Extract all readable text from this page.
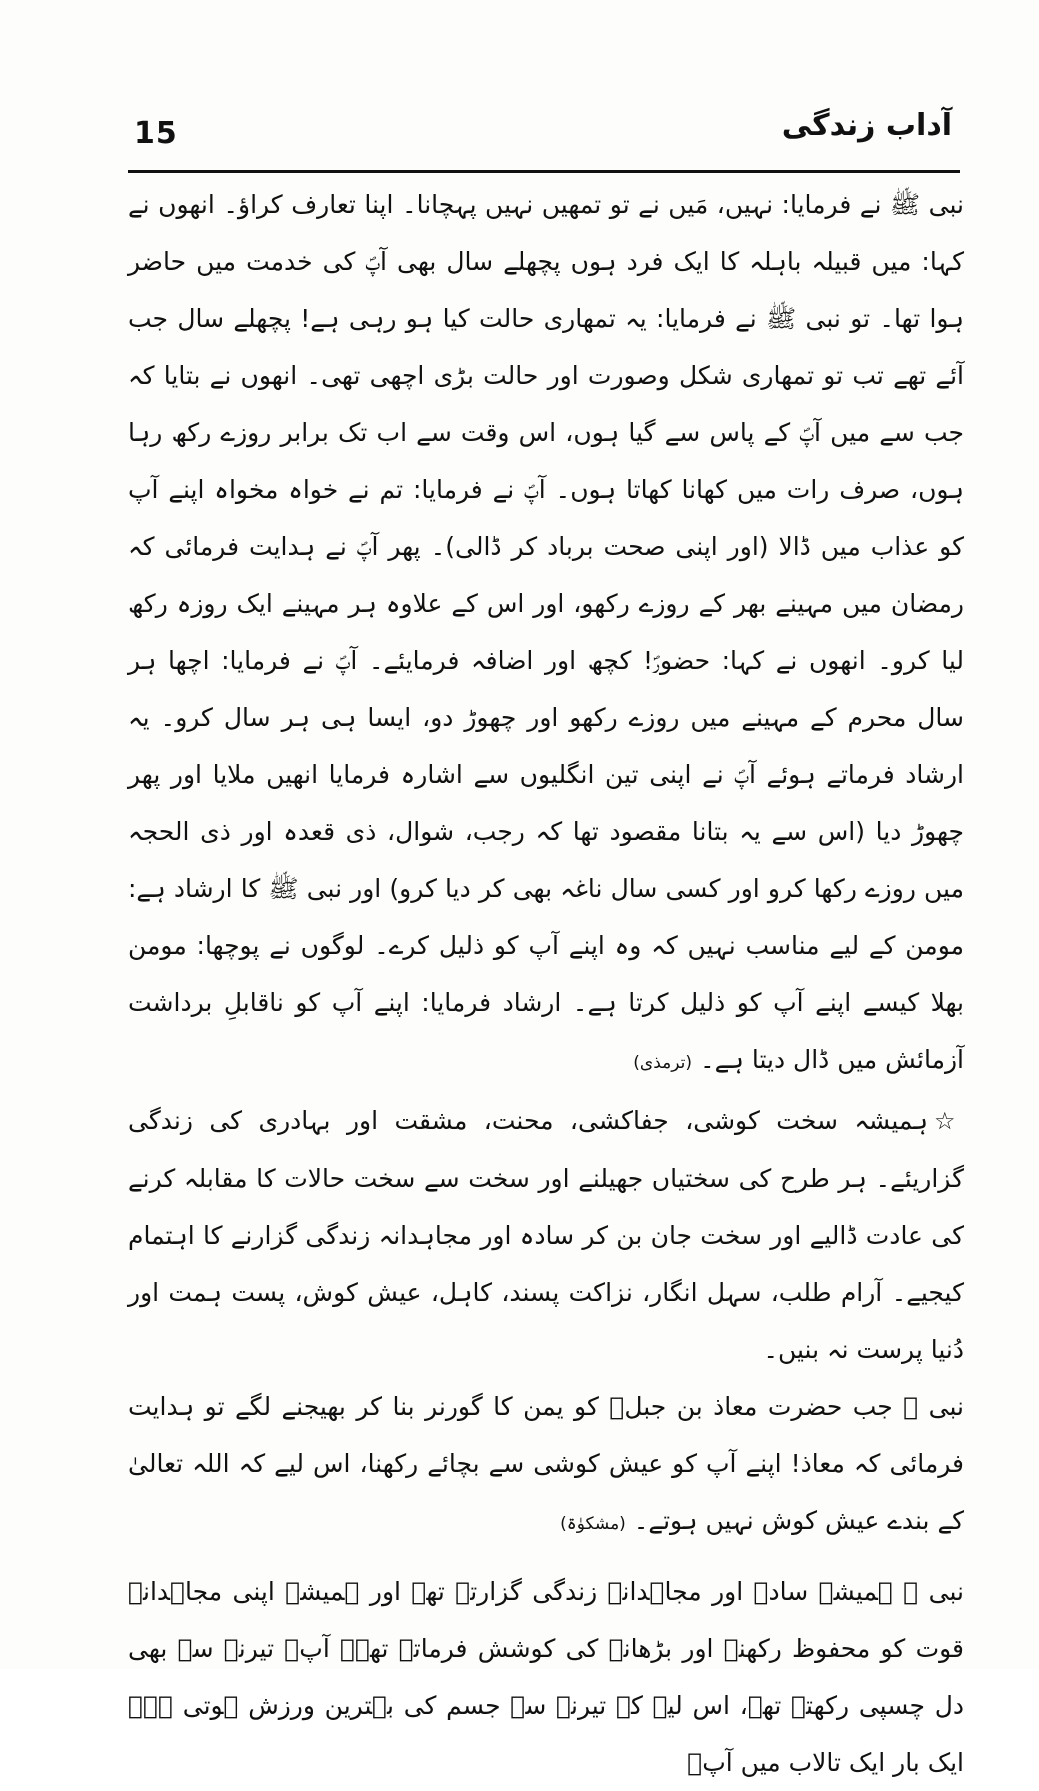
15	آداب زندگی

نبی ﷺ نے فرمایا: نہیں، مَیں نے تو تمھیں نہیں پہچانا۔ اپنا تعارف کراؤ۔ انھوں نے کہا: میں قبیلہ باہلہ کا ایک فرد ہوں پچھلے سال بھی آپؐ کی خدمت میں حاضر ہوا تھا۔ تو نبی ﷺ نے فرمایا: یہ تمھاری حالت کیا ہو رہی ہے! پچھلے سال جب آئے تھے تب تو تمھاری شکل وصورت اور حالت بڑی اچھی تھی۔ انھوں نے بتایا کہ جب سے میں آپؐ کے پاس سے گیا ہوں، اس وقت سے اب تک برابر روزے رکھ رہا ہوں، صرف رات میں کھانا کھاتا ہوں۔ آپؐ نے فرمایا: تم نے خواہ مخواہ اپنے آپ کو عذاب میں ڈالا (اور اپنی صحت برباد کر ڈالی)۔ پھر آپؐ نے ہدایت فرمائی کہ رمضان میں مہینے بھر کے روزے رکھو، اور اس کے علاوہ ہر مہینے ایک روزہ رکھ لیا کرو۔ انھوں نے کہا: حضورؐ! کچھ اور اضافہ فرمایئے۔ آپؐ نے فرمایا: اچھا ہر سال محرم کے مہینے میں روزے رکھو اور چھوڑ دو، ایسا ہی ہر سال کرو۔ یہ ارشاد فرماتے ہوئے آپؐ نے اپنی تین انگلیوں سے اشارہ فرمایا انھیں ملایا اور پھر چھوڑ دیا (اس سے یہ بتانا مقصود تھا کہ رجب، شوال، ذی قعدہ اور ذی الحجہ میں روزے رکھا کرو اور کسی سال ناغہ بھی کر دیا کرو) اور نبی ﷺ کا ارشاد ہے: مومن کے لیے مناسب نہیں کہ وہ اپنے آپ کو ذلیل کرے۔ لوگوں نے پوچھا: مومن بھلا کیسے اپنے آپ کو ذلیل کرتا ہے۔ ارشاد فرمایا: اپنے آپ کو ناقابلِ برداشت آزمائش میں ڈال دیتا ہے۔ (ترمذی)

☆ہمیشہ سخت کوشی، جفاکشی، محنت، مشقت اور بہادری کی زندگی گزاریئے۔ ہر طرح کی سختیاں جھیلنے اور سخت سے سخت حالات کا مقابلہ کرنے کی عادت ڈالیے اور سخت جان بن کر سادہ اور مجاہدانہ زندگی گزارنے کا اہتمام کیجیے۔ آرام طلب، سہل انگار، نزاکت پسند، کاہل، عیش کوش، پست ہمت اور دُنیا پرست نہ بنیں۔

نبی ﷺ جب حضرت معاذ بن جبلؓ کو یمن کا گورنر بنا کر بھیجنے لگے تو ہدایت فرمائی کہ معاذ! اپنے آپ کو عیش کوشی سے بچائے رکھنا، اس لیے کہ اللہ تعالیٰ کے بندے عیش کوش نہیں ہوتے۔ (مشکوٰۃ)

نبی ﷺ ہمیشہ سادہ اور مجاہدانہ زندگی گزارتے تھے اور ہمیشہ اپنی مجاہدانہ قوت کو محفوظ رکھنے اور بڑھانے کی کوشش فرماتے تھے۔ آپؐ تیرنے سے بھی دل چسپی رکھتے تھے، اس لیے کہ تیرنے سے جسم کی بہترین ورزش ہوتی ہے۔ ایک بار ایک تالاب میں آپؐ
